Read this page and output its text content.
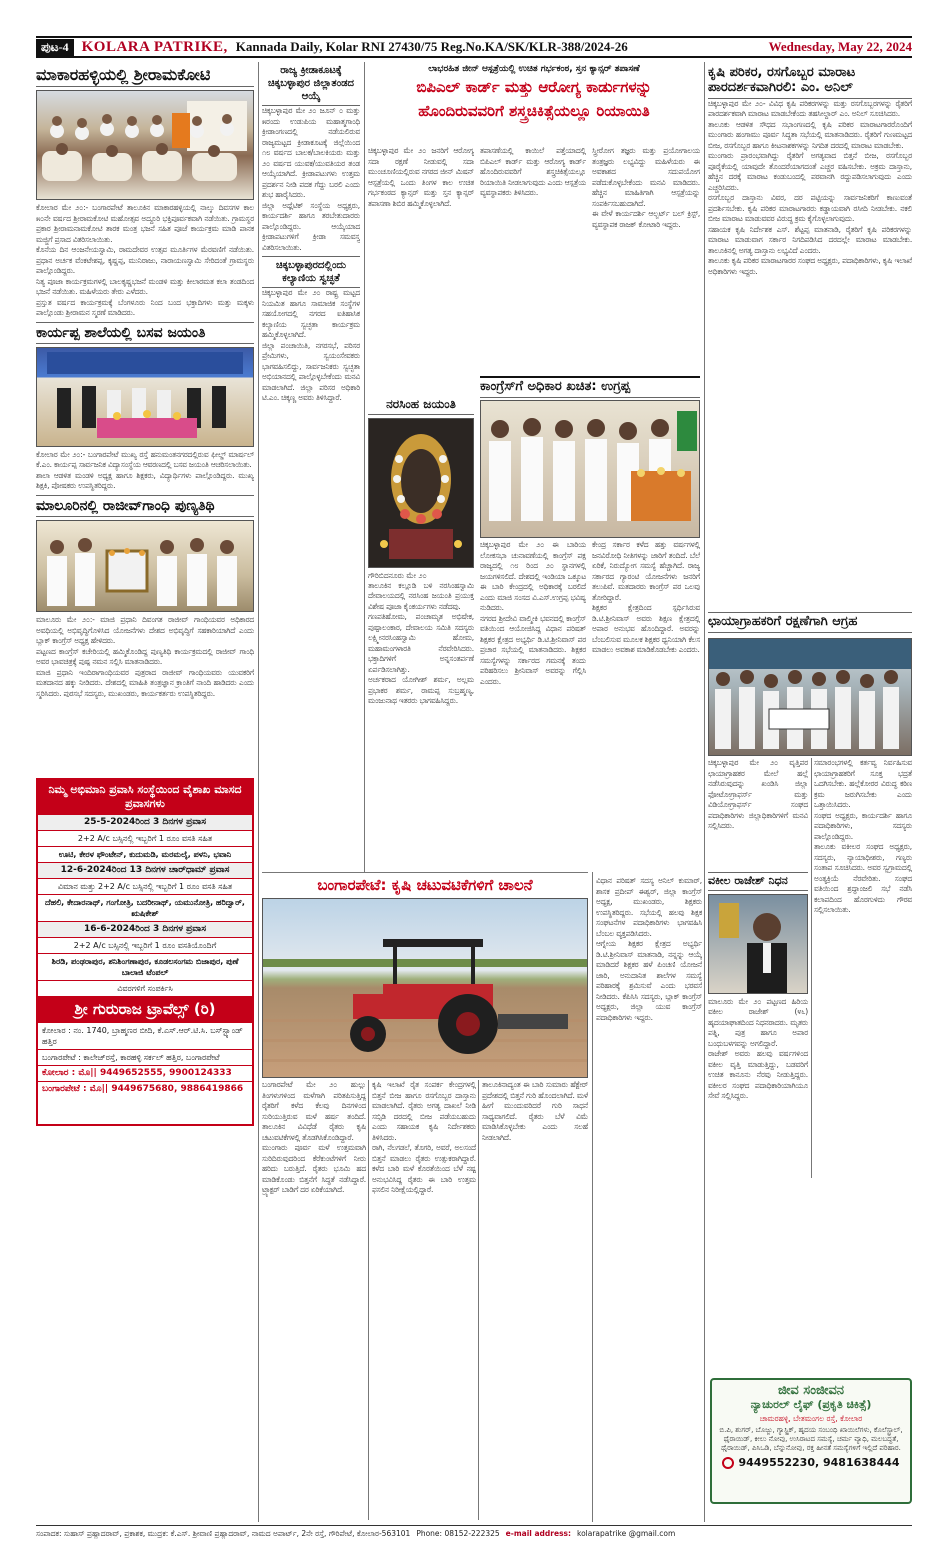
ಪುಟ-4 KOLARA PATRIKE, Kannada Daily, Kolar RNI 27430/75 Reg.No.KA/SK/KLR-388/2024-26	Wednesday, May 22, 2024
ಮಾಕಾರಹಳ್ಳಿಯಲ್ಲಿ ಶ್ರೀರಾಮಕೋಟಿ
ಕೋಲಾರ ಮೇ ೨೦:- ಬಂಗಾರಪೇಟೆ ತಾಲೂಕಿನ ಮಾಕಾರಹಳ್ಳಿಯಲ್ಲಿ ನಾಲ್ಕು ದಿವಸಗಳ ಕಾಲ ೫೦ನೇ ವರ್ಷದ ಶ್ರೀರಾಮಕೋಟಿ ಮಹೋತ್ಸವ ಅದ್ದೂರಿ ಭಕ್ತಿಪೂರ್ವಕವಾಗಿ ನಡೆಯಿತು. ಗ್ರಾಮಸ್ಥರ ಪ್ರಕಾರ ಶ್ರೀರಾಮನಾಮಕೋಟಿ ತಾರಕ ಮಂತ್ರ ಭಜನೆ ಸಹಿತ ಪೂಜೆ ಕಾರ್ಯಕ್ರಮ ಮಾಡಿ ಪಾನಕ ಮಜ್ಜಿಗೆ ಪ್ರಸಾದ ವಿತರಿಸಲಾಯಿತು.
ಕೊನೆಯ ದಿನ ಆಂಜನೇಯಸ್ವಾಮಿ, ರಾಮದೇವರ ಉತ್ಸವ ಮೂರ್ತಿಗಳ ಮೆರವಣಿಗೆ ನಡೆಯಿತು. ಪ್ರಧಾನ ಅರ್ಚಕ ವೆಂಕಟೇಶಪ್ಪ, ಕೃಷ್ಣಪ್ಪ, ಮುನಿರಾಜು, ನಾರಾಯಣಸ್ವಾಮಿ ಸೇರಿದಂತೆ ಗ್ರಾಮಸ್ಥರು ಪಾಲ್ಗೊಂಡಿದ್ದರು.
ನಿತ್ಯ ಪೂಜಾ ಕಾರ್ಯಕ್ರಮಗಳಲ್ಲಿ ಬಾಲಕೃಷ್ಣಭಜನೆ ಮಂಡಳಿ ಮತ್ತು ಕೀಲಾರಮತ ಕಲಾ ತಂಡದಿಂದ ಭಜನೆ ನಡೆಯಿತು. ಮಹಿಳೆಯರು ತೇರು ಎಳೆದರು.
ಪ್ರಸ್ತುತ ವರ್ಷದ ಕಾರ್ಯಕ್ರಮಕ್ಕೆ ಬೆಂಗಳೂರು ನಿಂದ ಬಂದ ಭಕ್ತಾದಿಗಳು ಮತ್ತು ಮಕ್ಕಳು ಪಾಲ್ಗೊಂಡು ಶ್ರೀರಾಮನ ಸ್ಮರಣೆ ಮಾಡಿದರು.
ಕಾರ್ಯಪ್ಪ ಶಾಲೆಯಲ್ಲಿ ಬಸವ ಜಯಂತಿ
ಕೋಲಾರ ಮೇ ೨೦:- ಬಂಗಾರಪೇಟೆ ಮುಖ್ಯ ರಸ್ತೆ ಹನುಮಂತನಗರದಲ್ಲಿರುವ ಫೀಲ್ಡ್ ಮಾರ್ಷಲ್ ಕೆ.ಎಂ. ಕಾರ್ಯಪ್ಪ ಸಾರ್ವಜನಿಕ ವಿದ್ಯಾಸಂಸ್ಥೆಯ ಆವರಣದಲ್ಲಿ ಬಸವ ಜಯಂತಿ ಆಚರಿಸಲಾಯಿತು.
ಶಾಲಾ ಆಡಳಿತ ಮಂಡಳಿ ಅಧ್ಯಕ್ಷ ಹಾಗೂ ಶಿಕ್ಷಕರು, ವಿದ್ಯಾರ್ಥಿಗಳು ಪಾಲ್ಗೊಂಡಿದ್ದರು. ಮುಖ್ಯ ಶಿಕ್ಷಕಿ, ಪೋಷಕರು ಉಪಸ್ಥಿತರಿದ್ದರು.
ಮಾಲೂರಿನಲ್ಲಿ ರಾಜೀವ್‌ಗಾಂಧಿ ಪುಣ್ಯತಿಥಿ
ಮಾಲೂರು ಮೇ ೨೦:- ಮಾಜಿ ಪ್ರಧಾನಿ ದಿವಂಗತ ರಾಜೀವ್ ಗಾಂಧಿಯವರ ಅಧಿಕಾರದ ಅವಧಿಯಲ್ಲಿ ಅಭಿವೃದ್ಧಿಗೊಳಿಸಿದ ಯೋಜನೆಗಳು ದೇಶದ ಅಭಿವೃದ್ಧಿಗೆ ಸಹಕಾರಿಯಾಗಿದೆ ಎಂದು ಬ್ಲಾಕ್ ಕಾಂಗ್ರೆಸ್ ಅಧ್ಯಕ್ಷ ಹೇಳಿದರು.
ಪಟ್ಟಣದ ಕಾಂಗ್ರೆಸ್ ಕಚೇರಿಯಲ್ಲಿ ಹಮ್ಮಿಕೊಂಡಿದ್ದ ಪುಣ್ಯತಿಥಿ ಕಾರ್ಯಕ್ರಮದಲ್ಲಿ ರಾಜೀವ್ ಗಾಂಧಿ ಅವರ ಭಾವಚಿತ್ರಕ್ಕೆ ಪುಷ್ಪ ನಮನ ಸಲ್ಲಿಸಿ ಮಾತನಾಡಿದರು.
ಮಾಜಿ ಪ್ರಧಾನಿ ಇಂದಿರಾಗಾಂಧಿಯವರ ಪುತ್ರರಾದ ರಾಜೀವ್ ಗಾಂಧಿಯವರು ಯುವಕರಿಗೆ ಮತದಾನದ ಹಕ್ಕು ನೀಡಿದರು. ದೇಶದಲ್ಲಿ ಮಾಹಿತಿ ತಂತ್ರಜ್ಞಾನ ಕ್ರಾಂತಿಗೆ ನಾಂದಿ ಹಾಡಿದರು ಎಂದು ಸ್ಮರಿಸಿದರು. ಪುರಸಭೆ ಸದಸ್ಯರು, ಮುಖಂಡರು, ಕಾರ್ಯಕರ್ತರು ಉಪಸ್ಥಿತರಿದ್ದರು.
ನಿಮ್ಮ ಅಭಿಮಾನಿ ಪ್ರವಾಸಿ ಸಂಸ್ಥೆಯಿಂದ ವೈಶಾಖ ಮಾಸದ ಪ್ರವಾಸಗಳು
25-5-2024ರಿಂದ 3 ದಿನಗಳ ಪ್ರವಾಸ
2+2 A/c ಬಸ್ಸಿನಲ್ಲಿ ಇಬ್ಬರಿಗೆ 1 ರೂಂ ವಸತಿ ಸಹಿತ
ಊಟಿ, ಕೇರಳ ಫೌಂಟೇನ್, ಕುದುಮಡಿ, ಮರಮಲೈ, ಪಳನಿ, ಭವಾನಿ
12-6-2024ರಿಂದ 13 ದಿನಗಳ ಚಾರ್‌ಧಾಮ್ ಪ್ರವಾಸ
ವಿಮಾನ ಮತ್ತು 2+2 A/c ಬಸ್ಸಿನಲ್ಲಿ ಇಬ್ಬರಿಗೆ 1 ರೂಂ ವಸತಿ ಸಹಿತ
ದೆಹಲಿ, ಕೇದಾರನಾಥ್, ಗಂಗೋತ್ರಿ, ಬದರೀನಾಥ್, ಯಮುನೋತ್ರಿ, ಹರಿದ್ವಾರ್, ಋಷಿಕೇಶ್
16-6-2024ರಿಂದ 3 ದಿನಗಳ ಪ್ರವಾಸ
2+2 A/c ಬಸ್ಸಿನಲ್ಲಿ ಇಬ್ಬರಿಗೆ 1 ರೂಂ ವಸತಿಯೊಂದಿಗೆ
ಶಿರಡಿ, ಪಂಢರಾಪುರ, ಶನಿಶಿಂಗಣಾಪುರ, ಕೂಡಲಸಂಗಮ ಬಿಜಾಪುರ, ಪುಣೆ ಬಾಲಾಜಿ ಟೆಂಪಲ್
ವಿವರಗಳಿಗೆ ಸಂಪರ್ಕಿಸಿ
ಶ್ರೀ ಗುರುರಾಜ ಟ್ರಾವೆಲ್ಸ್ (ರಿ)
ಕೋಲಾರ : ನಂ. 1740, ಬ್ರಾಹ್ಮಣರ ಬೀದಿ, ಕೆ.ಎಸ್.ಆರ್.ಟಿ.ಸಿ. ಬಸ್‌ಸ್ಟ್ಯಾಂಡ್ ಹತ್ತಿರ
ಬಂಗಾರಪೇಟೆ : ಕಾಲೇಜ್‌ರಸ್ತೆ, ಕಾರಹಳ್ಳಿ ಸರ್ಕಲ್ ಹತ್ತಿರ, ಬಂಗಾರಪೇಟೆ
ಕೋಲಾರ : ಮೊ|| 9449652555, 9900124333
ಬಂಗಾರಪೇಟೆ : ಮೊ|| 9449675680, 9886419866
ರಾಜ್ಯ ಕ್ರೀಡಾಕೂಟಕ್ಕೆ ಚಿಕ್ಕಬಳ್ಳಾಪುರ ಜಿಲ್ಲಾತಂಡದ ಆಯ್ಕೆ
ಚಿಕ್ಕಬಳ್ಳಾಪುರ ಮೇ ೨೦ ಜೂನ್ ೦ ಮತ್ತು ೫ರಂದು ಉಡುಪಿಯ ಮಹಾತ್ಮಗಾಂಧಿ ಕ್ರೀಡಾಂಗಣದಲ್ಲಿ ನಡೆಯಲಿರುವ ರಾಜ್ಯಮಟ್ಟದ ಕ್ರೀಡಾಕೂಟಕ್ಕೆ ಜಿಲ್ಲೆಯಿಂದ ೧೮ ವರ್ಷದ ಬಾಲಕ/ಬಾಲಕಿಯರು ಮತ್ತು ೨೦ ವರ್ಷದ ಯುವಕ/ಯುವತಿಯರ ತಂಡ ಆಯ್ಕೆಯಾಗಿದೆ. ಕ್ರೀಡಾಪಟುಗಳು ಉತ್ತಮ ಪ್ರದರ್ಶನ ನೀಡಿ ಪದಕ ಗೆದ್ದು ಬರಲಿ ಎಂದು ಶುಭ ಹಾರೈಸಿದರು.
ಜಿಲ್ಲಾ ಅಥ್ಲೆಟಿಕ್ ಸಂಸ್ಥೆಯ ಅಧ್ಯಕ್ಷರು, ಕಾರ್ಯದರ್ಶಿ ಹಾಗೂ ತರಬೇತುದಾರರು ಪಾಲ್ಗೊಂಡಿದ್ದರು. ಆಯ್ಕೆಯಾದ ಕ್ರೀಡಾಪಟುಗಳಿಗೆ ಕ್ರೀಡಾ ಸಮವಸ್ತ್ರ ವಿತರಿಸಲಾಯಿತು.
ಚಿಕ್ಕಬಳ್ಳಾಪುರದಲ್ಲಿಂದು ಕಲ್ಯಾಣಿಯ ಸ್ವಚ್ಛತೆ
ಚಿಕ್ಕಬಳ್ಳಾಪುರ ಮೇ ೨೦ ರಾಷ್ಟ್ರ ಮಟ್ಟದ ನಿಯಮಿತ ಹಾಗೂ ಸಾಮಾಜಿಕ ಸಂಸ್ಥೆಗಳ ಸಹಯೋಗದಲ್ಲಿ ನಗರದ ಐತಿಹಾಸಿಕ ಕಲ್ಯಾಣಿಯ ಸ್ವಚ್ಛತಾ ಕಾರ್ಯಕ್ರಮ ಹಮ್ಮಿಕೊಳ್ಳಲಾಗಿದೆ.
ಜಿಲ್ಲಾ ಪಂಚಾಯಿತಿ, ನಗರಸಭೆ, ಪರಿಸರ ಪ್ರೇಮಿಗಳು, ಸ್ವಯಂಸೇವಕರು ಭಾಗವಹಿಸಲಿದ್ದು, ಸಾರ್ವಜನಿಕರು ಸ್ವಚ್ಛತಾ ಅಭಿಯಾನದಲ್ಲಿ ಪಾಲ್ಗೊಳ್ಳಬೇಕೆಂದು ಮನವಿ ಮಾಡಲಾಗಿದೆ. ಜಿಲ್ಲಾ ಪರಿಸರ ಅಧಿಕಾರಿ ಟಿ.ಎಂ. ಚಿಕ್ಕಣ್ಣ ಅವರು ತಿಳಿಸಿದ್ದಾರೆ.
ಲಾಭರಹಿತ ಜೀನ್ ಆಸ್ಪತ್ರೆಯಲ್ಲಿ ಉಚಿತ ಗರ್ಭಕಂಠ, ಸ್ತನ ಕ್ಯಾನ್ಸರ್ ತಪಾಸಣೆ
ಬಿಪಿಎಲ್ ಕಾರ್ಡ್ ಮತ್ತು ಆರೋಗ್ಯ ಕಾರ್ಡುಗಳನ್ನು
ಹೊಂದಿರುವವರಿಗೆ ಶಸ್ತ್ರಚಿಕಿತ್ಸೆಯಲ್ಲೂ ರಿಯಾಯಿತಿ
ಚಿಕ್ಕಬಳ್ಳಾಪುರ ಮೇ ೨೦ ಜನರಿಗೆ ಆರೋಗ್ಯ ಸದಾ ರಕ್ಷಣೆ ನೀಡುವಲ್ಲಿ ಸದಾ ಮುಂಚೂಣಿಯಲ್ಲಿರುವ ನಗರದ ಜೀನ್ ಮಿಷನ್ ಆಸ್ಪತ್ರೆಯಲ್ಲಿ ಒಂದು ತಿಂಗಳ ಕಾಲ ಉಚಿತ ಗರ್ಭಕಂಠದ ಕ್ಯಾನ್ಸರ್ ಮತ್ತು ಸ್ತನ ಕ್ಯಾನ್ಸರ್ ತಪಾಸಣಾ ಶಿಬಿರ ಹಮ್ಮಿಕೊಳ್ಳಲಾಗಿದೆ.
ತಪಾಸಣೆಯಲ್ಲಿ ಕಾಯಿಲೆ ಪತ್ತೆಯಾದಲ್ಲಿ ಬಿಪಿಎಲ್ ಕಾರ್ಡ್ ಮತ್ತು ಆರೋಗ್ಯ ಕಾರ್ಡ್ ಹೊಂದಿರುವವರಿಗೆ ಶಸ್ತ್ರಚಿಕಿತ್ಸೆಯಲ್ಲೂ ರಿಯಾಯಿತಿ ನೀಡಲಾಗುವುದು ಎಂದು ಆಸ್ಪತ್ರೆಯ ವ್ಯವಸ್ಥಾಪಕರು ತಿಳಿಸಿದರು.
ಸ್ತ್ರೀರೋಗ ತಜ್ಞರು ಮತ್ತು ಪ್ರಯೋಗಾಲಯ ತಂತ್ರಜ್ಞರು ಲಭ್ಯವಿದ್ದು ಮಹಿಳೆಯರು ಈ ಅವಕಾಶದ ಸದುಪಯೋಗ ಪಡೆದುಕೊಳ್ಳಬೇಕೆಂದು ಮನವಿ ಮಾಡಿದರು. ಹೆಚ್ಚಿನ ಮಾಹಿತಿಗಾಗಿ ಆಸ್ಪತ್ರೆಯನ್ನು ಸಂಪರ್ಕಿಸಬಹುದಾಗಿದೆ.
ಈ ವೇಳೆ ಕಾರ್ಯದರ್ಶಿ ಆಲ್ಬರ್ಟ್ ಬಲ್ ಕ್ರಿಸ್ಟ್, ವ್ಯವಸ್ಥಾಪಕ ರಾಜಕ್ ಕೋಟಾರಿ ಇದ್ದರು.
ನರಸಿಂಹ ಜಯಂತಿ
ಗೌರಿಬಿದನೂರು ಮೇ ೨೦
ತಾಲೂಕಿನ ಕಲ್ಲೂಡಿ ಬಳಿ ನರಸಿಂಹಸ್ವಾಮಿ ದೇವಾಲಯದಲ್ಲಿ ನರಸಿಂಹ ಜಯಂತಿ ಪ್ರಯುಕ್ತ ವಿಶೇಷ ಪೂಜಾ ಕೈಂಕರ್ಯಗಳು ನಡೆದವು.
ಗಣಪತಿಹೋಮ, ಪಂಚಾಮೃತ ಅಭಿಷೇಕ, ಪುಷ್ಪಾಲಂಕಾರ, ದೇವಾಲಯ ಸಮಿತಿ ಸದಸ್ಯರು ಲಕ್ಷ್ಮೀನರಸಿಂಹಸ್ವಾಮಿ ಹೋಮ, ಮಹಾಮಂಗಳಾರತಿ ನೆರವೇರಿಸಿದರು. ಭಕ್ತಾದಿಗಳಿಗೆ ಅನ್ನಸಂತರ್ಪಣೆ ಏರ್ಪಡಿಸಲಾಗಿತ್ತು.
ಅರ್ಚಕರಾದ ಯೋಗೀಶ್ ಶರ್ಮ, ಅಲ್ಲಮ ಪ್ರಭಾಕರ ಶರ್ಮ, ರಾಮಪ್ಪ ಸುಬ್ರಹ್ಮಣ್ಯ, ಮಂಜುನಾಥ ಇತರರು ಭಾಗವಹಿಸಿದ್ದರು.
ಕಾಂಗ್ರೆಸ್‌ಗೆ ಅಧಿಕಾರ ಖಚಿತ: ಉಗ್ರಪ್ಪ
ಚಿಕ್ಕಬಳ್ಳಾಪುರ ಮೇ ೨೦ ಈ ಬಾರಿಯ ಲೋಕಸಭಾ ಚುನಾವಣೆಯಲ್ಲಿ ಕಾಂಗ್ರೆಸ್ ಪಕ್ಷ ರಾಜ್ಯದಲ್ಲಿ ೧೮ ರಿಂದ ೨೦ ಸ್ಥಾನಗಳಲ್ಲಿ ಜಯಗಳಿಸಲಿದೆ. ದೇಶದಲ್ಲಿ ಇಂಡಿಯಾ ಒಕ್ಕೂಟ ಈ ಬಾರಿ ಕೇಂದ್ರದಲ್ಲಿ ಅಧಿಕಾರಕ್ಕೆ ಬರಲಿದೆ ಎಂದು ಮಾಜಿ ಸಂಸದ ವಿ.ಎಸ್.ಉಗ್ರಪ್ಪ ಭವಿಷ್ಯ ನುಡಿದರು.
ನಗರದ ಶ್ರೀದೇವಿ ವಾಲ್ಮೀಕಿ ಭವನದಲ್ಲಿ ಕಾಂಗ್ರೆಸ್ ವತಿಯಿಂದ ಆಯೋಜಿಸಿದ್ದ ವಿಧಾನ ಪರಿಷತ್ ಶಿಕ್ಷಕರ ಕ್ಷೇತ್ರದ ಅಭ್ಯರ್ಥಿ ಡಿ.ಟಿ.ಶ್ರೀನಿವಾಸ್ ಪರ ಪ್ರಚಾರ ಸಭೆಯಲ್ಲಿ ಮಾತನಾಡಿದರು. ಶಿಕ್ಷಕರ ಸಮಸ್ಯೆಗಳನ್ನು ಸರ್ಕಾರದ ಗಮನಕ್ಕೆ ತಂದು ಪರಿಹರಿಸಲು ಶ್ರೀನಿವಾಸ್ ಅವರನ್ನು ಗೆಲ್ಲಿಸಿ ಎಂದರು.
ಕೇಂದ್ರ ಸರ್ಕಾರ ಕಳೆದ ಹತ್ತು ವರ್ಷಗಳಲ್ಲಿ ಜನವಿರೋಧಿ ನೀತಿಗಳನ್ನು ಜಾರಿಗೆ ತಂದಿದೆ. ಬೆಲೆ ಏರಿಕೆ, ನಿರುದ್ಯೋಗ ಸಮಸ್ಯೆ ಹೆಚ್ಚಾಗಿದೆ. ರಾಜ್ಯ ಸರ್ಕಾರದ ಗ್ಯಾರಂಟಿ ಯೋಜನೆಗಳು ಜನರಿಗೆ ತಲುಪಿವೆ. ಮತದಾರರು ಕಾಂಗ್ರೆಸ್ ಪರ ಒಲವು ತೋರಿದ್ದಾರೆ.
ಶಿಕ್ಷಕರ ಕ್ಷೇತ್ರದಿಂದ ಸ್ಪರ್ಧಿಸಿರುವ ಡಿ.ಟಿ.ಶ್ರೀನಿವಾಸ್ ಅವರು ಶಿಕ್ಷಣ ಕ್ಷೇತ್ರದಲ್ಲಿ ಅಪಾರ ಅನುಭವ ಹೊಂದಿದ್ದಾರೆ. ಅವರನ್ನು ಬೆಂಬಲಿಸುವ ಮೂಲಕ ಶಿಕ್ಷಕರ ಧ್ವನಿಯಾಗಿ ಕೆಲಸ ಮಾಡಲು ಅವಕಾಶ ಮಾಡಿಕೊಡಬೇಕು ಎಂದರು.
ಬಂಗಾರಪೇಟೆ: ಕೃಷಿ ಚಟುವಟಿಕೆಗಳಿಗೆ ಚಾಲನೆ
ಬಂಗಾರಪೇಟೆ ಮೇ ೨೦ ಹುಲ್ಲು ತಿಂಗಳುಗಳಿಂದ ಮಳೆಗಾಗಿ ಪರಿತಪಿಸುತ್ತಿದ್ದ ರೈತರಿಗೆ ಕಳೆದ ಕೆಲವು ದಿನಗಳಿಂದ ಸುರಿಯುತ್ತಿರುವ ಮಳೆ ಹರ್ಷ ತಂದಿದೆ. ತಾಲೂಕಿನ ವಿವಿಧೆಡೆ ರೈತರು ಕೃಷಿ ಚಟುವಟಿಕೆಗಳಲ್ಲಿ ತೊಡಗಿಸಿಕೊಂಡಿದ್ದಾರೆ.
ಮುಂಗಾರು ಪೂರ್ವ ಮಳೆ ಉತ್ತಮವಾಗಿ ಸುರಿದಿರುವುದರಿಂದ ಕೆರೆಕುಂಟೆಗಳಿಗೆ ನೀರು ಹರಿದು ಬರುತ್ತಿದೆ. ರೈತರು ಭೂಮಿ ಹದ ಮಾಡಿಕೊಂಡು ಬಿತ್ತನೆಗೆ ಸಿದ್ಧತೆ ನಡೆಸಿದ್ದಾರೆ. ಟ್ರ್ಯಾಕ್ಟರ್ ಬಾಡಿಗೆ ದರ ಏರಿಕೆಯಾಗಿದೆ.
ಕೃಷಿ ಇಲಾಖೆ ರೈತ ಸಂಪರ್ಕ ಕೇಂದ್ರಗಳಲ್ಲಿ ಬಿತ್ತನೆ ಬೀಜ ಹಾಗೂ ರಸಗೊಬ್ಬರ ದಾಸ್ತಾನು ಮಾಡಲಾಗಿದೆ. ರೈತರು ಅಗತ್ಯ ದಾಖಲೆ ನೀಡಿ ಸಬ್ಸಿಡಿ ದರದಲ್ಲಿ ಬೀಜ ಪಡೆಯಬಹುದು ಎಂದು ಸಹಾಯಕ ಕೃಷಿ ನಿರ್ದೇಶಕರು ತಿಳಿಸಿದರು.
ರಾಗಿ, ನೆಲಗಡಲೆ, ತೊಗರಿ, ಅವರೆ, ಅಲಸಂದೆ ಬಿತ್ತನೆ ಮಾಡಲು ರೈತರು ಉತ್ಸುಕರಾಗಿದ್ದಾರೆ. ಕಳೆದ ಬಾರಿ ಮಳೆ ಕೊರತೆಯಿಂದ ಬೆಳೆ ನಷ್ಟ ಅನುಭವಿಸಿದ್ದ ರೈತರು ಈ ಬಾರಿ ಉತ್ತಮ ಫಸಲಿನ ನಿರೀಕ್ಷೆಯಲ್ಲಿದ್ದಾರೆ.
ತಾಲೂಕಿನಾದ್ಯಂತ ಈ ಬಾರಿ ಸುಮಾರು ಹೆಕ್ಟೇರ್ ಪ್ರದೇಶದಲ್ಲಿ ಬಿತ್ತನೆ ಗುರಿ ಹೊಂದಲಾಗಿದೆ. ಮಳೆ ಹೀಗೆ ಮುಂದುವರಿದರೆ ಗುರಿ ಸಾಧನೆ ಸಾಧ್ಯವಾಗಲಿದೆ. ರೈತರು ಬೆಳೆ ವಿಮೆ ಮಾಡಿಸಿಕೊಳ್ಳಬೇಕು ಎಂದು ಸಲಹೆ ನೀಡಲಾಗಿದೆ.
ವಿಧಾನ ಪರಿಷತ್ ಸದಸ್ಯ ಅನಿಲ್ ಕುಮಾರ್, ಶಾಸಕ ಪ್ರದೀಪ್ ಈಶ್ವರ್, ಜಿಲ್ಲಾ ಕಾಂಗ್ರೆಸ್ ಅಧ್ಯಕ್ಷ, ಮುಖಂಡರು, ಶಿಕ್ಷಕರು ಉಪಸ್ಥಿತರಿದ್ದರು. ಸಭೆಯಲ್ಲಿ ಹಲವು ಶಿಕ್ಷಕ ಸಂಘಟನೆಗಳ ಪದಾಧಿಕಾರಿಗಳು ಭಾಗವಹಿಸಿ ಬೆಂಬಲ ವ್ಯಕ್ತಪಡಿಸಿದರು.
ಆಗ್ನೇಯ ಶಿಕ್ಷಕರ ಕ್ಷೇತ್ರದ ಅಭ್ಯರ್ಥಿ ಡಿ.ಟಿ.ಶ್ರೀನಿವಾಸ್ ಮಾತನಾಡಿ, ನನ್ನನ್ನು ಆಯ್ಕೆ ಮಾಡಿದರೆ ಶಿಕ್ಷಕರ ಹಳೆ ಪಿಂಚಣಿ ಯೋಜನೆ ಜಾರಿ, ಅನುದಾನಿತ ಶಾಲೆಗಳ ಸಮಸ್ಯೆ ಪರಿಹಾರಕ್ಕೆ ಶ್ರಮಿಸುವೆ ಎಂದು ಭರವಸೆ ನೀಡಿದರು. ಕೆಪಿಸಿಸಿ ಸದಸ್ಯರು, ಬ್ಲಾಕ್ ಕಾಂಗ್ರೆಸ್ ಅಧ್ಯಕ್ಷರು, ಜಿಲ್ಲಾ ಯುವ ಕಾಂಗ್ರೆಸ್ ಪದಾಧಿಕಾರಿಗಳು ಇದ್ದರು.
ಕೃಷಿ ಪರಿಕರ, ರಸಗೊಬ್ಬರ ಮಾರಾಟ ಪಾರದರ್ಶಕವಾಗಿರಲಿ: ಎಂ. ಅನಿಲ್
ಚಿಕ್ಕಬಳ್ಳಾಪುರ ಮೇ ೨೦- ವಿವಿಧ ಕೃಷಿ ಪರಿಕರಗಳನ್ನು ಮತ್ತು ರಸಗೊಬ್ಬರಗಳನ್ನು ರೈತರಿಗೆ ಪಾರದರ್ಶಕವಾಗಿ ಮಾರಾಟ ಮಾಡಬೇಕೆಂದು ತಹಸೀಲ್ದಾರ್ ಎಂ. ಅನಿಲ್ ಸೂಚಿಸಿದರು.
ತಾಲೂಕು ಆಡಳಿತ ಸೌಧದ ಸಭಾಂಗಣದಲ್ಲಿ ಕೃಷಿ ಪರಿಕರ ಮಾರಾಟಗಾರರೊಂದಿಗೆ ಮುಂಗಾರು ಹಂಗಾಮು ಪೂರ್ವ ಸಿದ್ಧತಾ ಸಭೆಯಲ್ಲಿ ಮಾತನಾಡಿದರು. ರೈತರಿಗೆ ಗುಣಮಟ್ಟದ ಬೀಜ, ರಸಗೊಬ್ಬರ ಹಾಗೂ ಕೀಟನಾಶಕಗಳನ್ನು ನಿಗದಿತ ದರದಲ್ಲಿ ಮಾರಾಟ ಮಾಡಬೇಕು.
ಮುಂಗಾರು ಪ್ರಾರಂಭವಾಗಿದ್ದು ರೈತರಿಗೆ ಅಗತ್ಯವಾದ ಬಿತ್ತನೆ ಬೀಜ, ರಸಗೊಬ್ಬರ ಪೂರೈಕೆಯಲ್ಲಿ ಯಾವುದೇ ತೊಂದರೆಯಾಗದಂತೆ ಎಚ್ಚರ ವಹಿಸಬೇಕು. ಅಕ್ರಮ ದಾಸ್ತಾನು, ಹೆಚ್ಚಿನ ದರಕ್ಕೆ ಮಾರಾಟ ಕಂಡುಬಂದಲ್ಲಿ ಪರವಾನಗಿ ರದ್ದುಪಡಿಸಲಾಗುವುದು ಎಂದು ಎಚ್ಚರಿಸಿದರು.
ರಸಗೊಬ್ಬರ ದಾಸ್ತಾನು ವಿವರ, ದರ ಪಟ್ಟಿಯನ್ನು ಸಾರ್ವಜನಿಕರಿಗೆ ಕಾಣುವಂತೆ ಪ್ರದರ್ಶಿಸಬೇಕು. ಕೃಷಿ ಪರಿಕರ ಮಾರಾಟಗಾರರು ಕಡ್ಡಾಯವಾಗಿ ರಸೀದಿ ನೀಡಬೇಕು. ನಕಲಿ ಬೀಜ ಮಾರಾಟ ಮಾಡುವವರ ವಿರುದ್ಧ ಕ್ರಮ ಕೈಗೊಳ್ಳಲಾಗುವುದು.
ಸಹಾಯಕ ಕೃಷಿ ನಿರ್ದೇಶಕ ಎಸ್. ಶೆಟ್ಟಪ್ಪ ಮಾತನಾಡಿ, ರೈತರಿಗೆ ಕೃಷಿ ಪರಿಕರಗಳನ್ನು ಮಾರಾಟ ಮಾಡುವಾಗ ಸರ್ಕಾರ ನಿಗದಿಪಡಿಸಿದ ದರದಲ್ಲೇ ಮಾರಾಟ ಮಾಡಬೇಕು. ತಾಲೂಕಿನಲ್ಲಿ ಅಗತ್ಯ ದಾಸ್ತಾನು ಲಭ್ಯವಿದೆ ಎಂದರು.
ತಾಲೂಕು ಕೃಷಿ ಪರಿಕರ ಮಾರಾಟಗಾರರ ಸಂಘದ ಅಧ್ಯಕ್ಷರು, ಪದಾಧಿಕಾರಿಗಳು, ಕೃಷಿ ಇಲಾಖೆ ಅಧಿಕಾರಿಗಳು ಇದ್ದರು.
ಛಾಯಾಗ್ರಾಹಕರಿಗೆ ರಕ್ಷಣೆಗಾಗಿ ಆಗ್ರಹ
ಚಿಕ್ಕಬಳ್ಳಾಪುರ ಮೇ ೨೦ ವೃತ್ತಿಪರ ಛಾಯಾಗ್ರಾಹಕರ ಮೇಲೆ ಹಲ್ಲೆ ನಡೆಸಿರುವುದನ್ನು ಖಂಡಿಸಿ ಜಿಲ್ಲಾ ಫೋಟೋಗ್ರಾಫರ್ಸ್ ಮತ್ತು ವಿಡಿಯೋಗ್ರಾಫರ್ಸ್ ಸಂಘದ ಪದಾಧಿಕಾರಿಗಳು ಜಿಲ್ಲಾಧಿಕಾರಿಗಳಿಗೆ ಮನವಿ ಸಲ್ಲಿಸಿದರು.
ಸಮಾರಂಭಗಳಲ್ಲಿ ಕರ್ತವ್ಯ ನಿರ್ವಹಿಸುವ ಛಾಯಾಗ್ರಾಹಕರಿಗೆ ಸೂಕ್ತ ಭದ್ರತೆ ಒದಗಿಸಬೇಕು. ಹಲ್ಲೆಕೋರರ ವಿರುದ್ಧ ಕಠಿಣ ಕ್ರಮ ಜರುಗಿಸಬೇಕು ಎಂದು ಒತ್ತಾಯಿಸಿದರು.
ಸಂಘದ ಅಧ್ಯಕ್ಷರು, ಕಾರ್ಯದರ್ಶಿ ಹಾಗೂ ಪದಾಧಿಕಾರಿಗಳು, ಸದಸ್ಯರು ಪಾಲ್ಗೊಂಡಿದ್ದರು.
ತಾಲೂಕು ವಕೀಲರ ಸಂಘದ ಅಧ್ಯಕ್ಷರು, ಸದಸ್ಯರು, ನ್ಯಾಯಾಧೀಶರು, ಗಣ್ಯರು ಸಂತಾಪ ಸೂಚಿಸಿದರು. ಅವರ ಸ್ವಗ್ರಾಮದಲ್ಲಿ ಅಂತ್ಯಕ್ರಿಯೆ ನೆರವೇರಿತು. ಸಂಘದ ವತಿಯಿಂದ ಶ್ರದ್ಧಾಂಜಲಿ ಸಭೆ ನಡೆಸಿ ಕಲಾಪದಿಂದ ಹೊರಗುಳಿದು ಗೌರವ ಸಲ್ಲಿಸಲಾಯಿತು.
ವಕೀಲ ರಾಜೇಶ್ ನಿಧನ
ಮಾಲೂರು ಮೇ ೨೦ ಪಟ್ಟಣದ ಹಿರಿಯ ವಕೀಲ ರಾಜೇಶ್ (೪೬) ಹೃದಯಾಘಾತದಿಂದ ನಿಧನರಾದರು. ಮೃತರು ಪತ್ನಿ, ಪುತ್ರ ಹಾಗೂ ಅಪಾರ ಬಂಧುಬಳಗವನ್ನು ಅಗಲಿದ್ದಾರೆ.
ರಾಜೇಶ್ ಅವರು ಹಲವು ವರ್ಷಗಳಿಂದ ವಕೀಲ ವೃತ್ತಿ ಮಾಡುತ್ತಿದ್ದು, ಬಡವರಿಗೆ ಉಚಿತ ಕಾನೂನು ನೆರವು ನೀಡುತ್ತಿದ್ದರು. ವಕೀಲರ ಸಂಘದ ಪದಾಧಿಕಾರಿಯಾಗಿಯೂ ಸೇವೆ ಸಲ್ಲಿಸಿದ್ದರು.
ಜೀವ ಸಂಜೀವನ
ನ್ಯಾಚುರಲ್ ಲೈಫ್ (ಪ್ರಕೃತಿ ಚಿಕಿತ್ಸೆ)
ಚಾಮರಹಳ್ಳಿ, ಬೇತಮಂಗಲ ರಸ್ತೆ, ಕೋಲಾರ
ಬಿ.ಪಿ, ಶುಗರ್, ಬೊಜ್ಜು, ಗ್ಯಾಸ್ಟ್ರಿಕ್, ಹೃದಯ ಸಂಬಂಧಿ ಖಾಯಿಲೆಗಳು, ಕೊಲೆಸ್ಟ್ರಾಲ್, ಥೈರಾಯಿಡ್, ಕೀಲು ನೋವು, ಉಸಿರಾಟದ ಸಮಸ್ಯೆ, ಚರ್ಮ ವ್ಯಾಧಿ, ಮಲಬದ್ಧತೆ, ಥೈರಾಯಿಡ್, ಪಿಸಿಒಡಿ, ಬೆನ್ನುನೋವು, ರಕ್ತ ಹೀನತೆ ಸಮಸ್ಯೆಗಳಿಗೆ ಇಲ್ಲಿದೆ ಪರಿಹಾರ.
9449552230, 9481638444
ಸಂಪಾದಕ: ಸುಹಾಸ್ ಪ್ರಹ್ಲಾದರಾವ್, ಪ್ರಕಾಶಕ, ಮುದ್ರಕ: ಕೆ.ಎಸ್. ಶ್ರೀವಾಣಿ ಪ್ರಹ್ಲಾದರಾವ್, ನಾಮದ ಅಪಾರ್ಟ್, 2ನೇ ರಸ್ತೆ, ಗೌರಿಪೇಟೆ, ಕೋಲಾರ-563101 Phone: 08152-222325 e-mail address: kolarapatrike @gmail.com
